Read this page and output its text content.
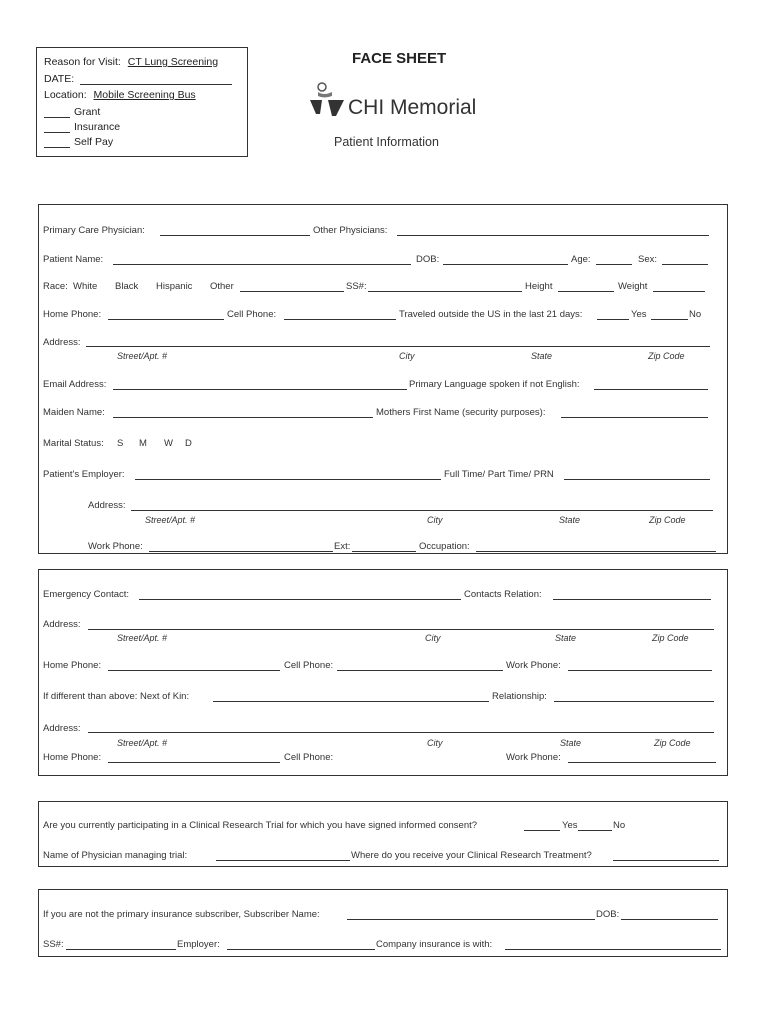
Reason for Visit: CT Lung Screening
DATE:
Location: Mobile Screening Bus
Grant
Insurance
Self Pay
FACE SHEET
CHI Memorial
Patient Information
Primary Care Physician:	Other Physicians:
Patient Name:	DOB:	Age:	Sex:
Race: White Black Hispanic Other	SS#:	Height	Weight
Home Phone:	Cell Phone:	Traveled outside the US in the last 21 days:	Yes	No
Address:
Street/Apt. #	City	State	Zip Code
Email Address:	Primary Language spoken if not English:
Maiden Name:	Mothers First Name (security purposes):
Marital Status: S M W D
Patient's Employer:	Full Time/ Part Time/ PRN
Address:
Street/Apt. #	City	State	Zip Code
Work Phone:	Ext:	Occupation:
Emergency Contact:	Contacts Relation:
Address:
Street/Apt. #	City	State	Zip Code
Home Phone:	Cell Phone:	Work Phone:
If different than above: Next of Kin:	Relationship:
Address:
Street/Apt. #	City	State	Zip Code
Home Phone:	Cell Phone:	Work Phone:
Are you currently participating in a Clinical Research Trial for which you have signed informed consent?	Yes	No
Name of Physician managing trial:	Where do you receive your Clinical Research Treatment?
If you are not the primary insurance subscriber, Subscriber Name:	DOB:
SS#:	Employer:	Company insurance is with:
